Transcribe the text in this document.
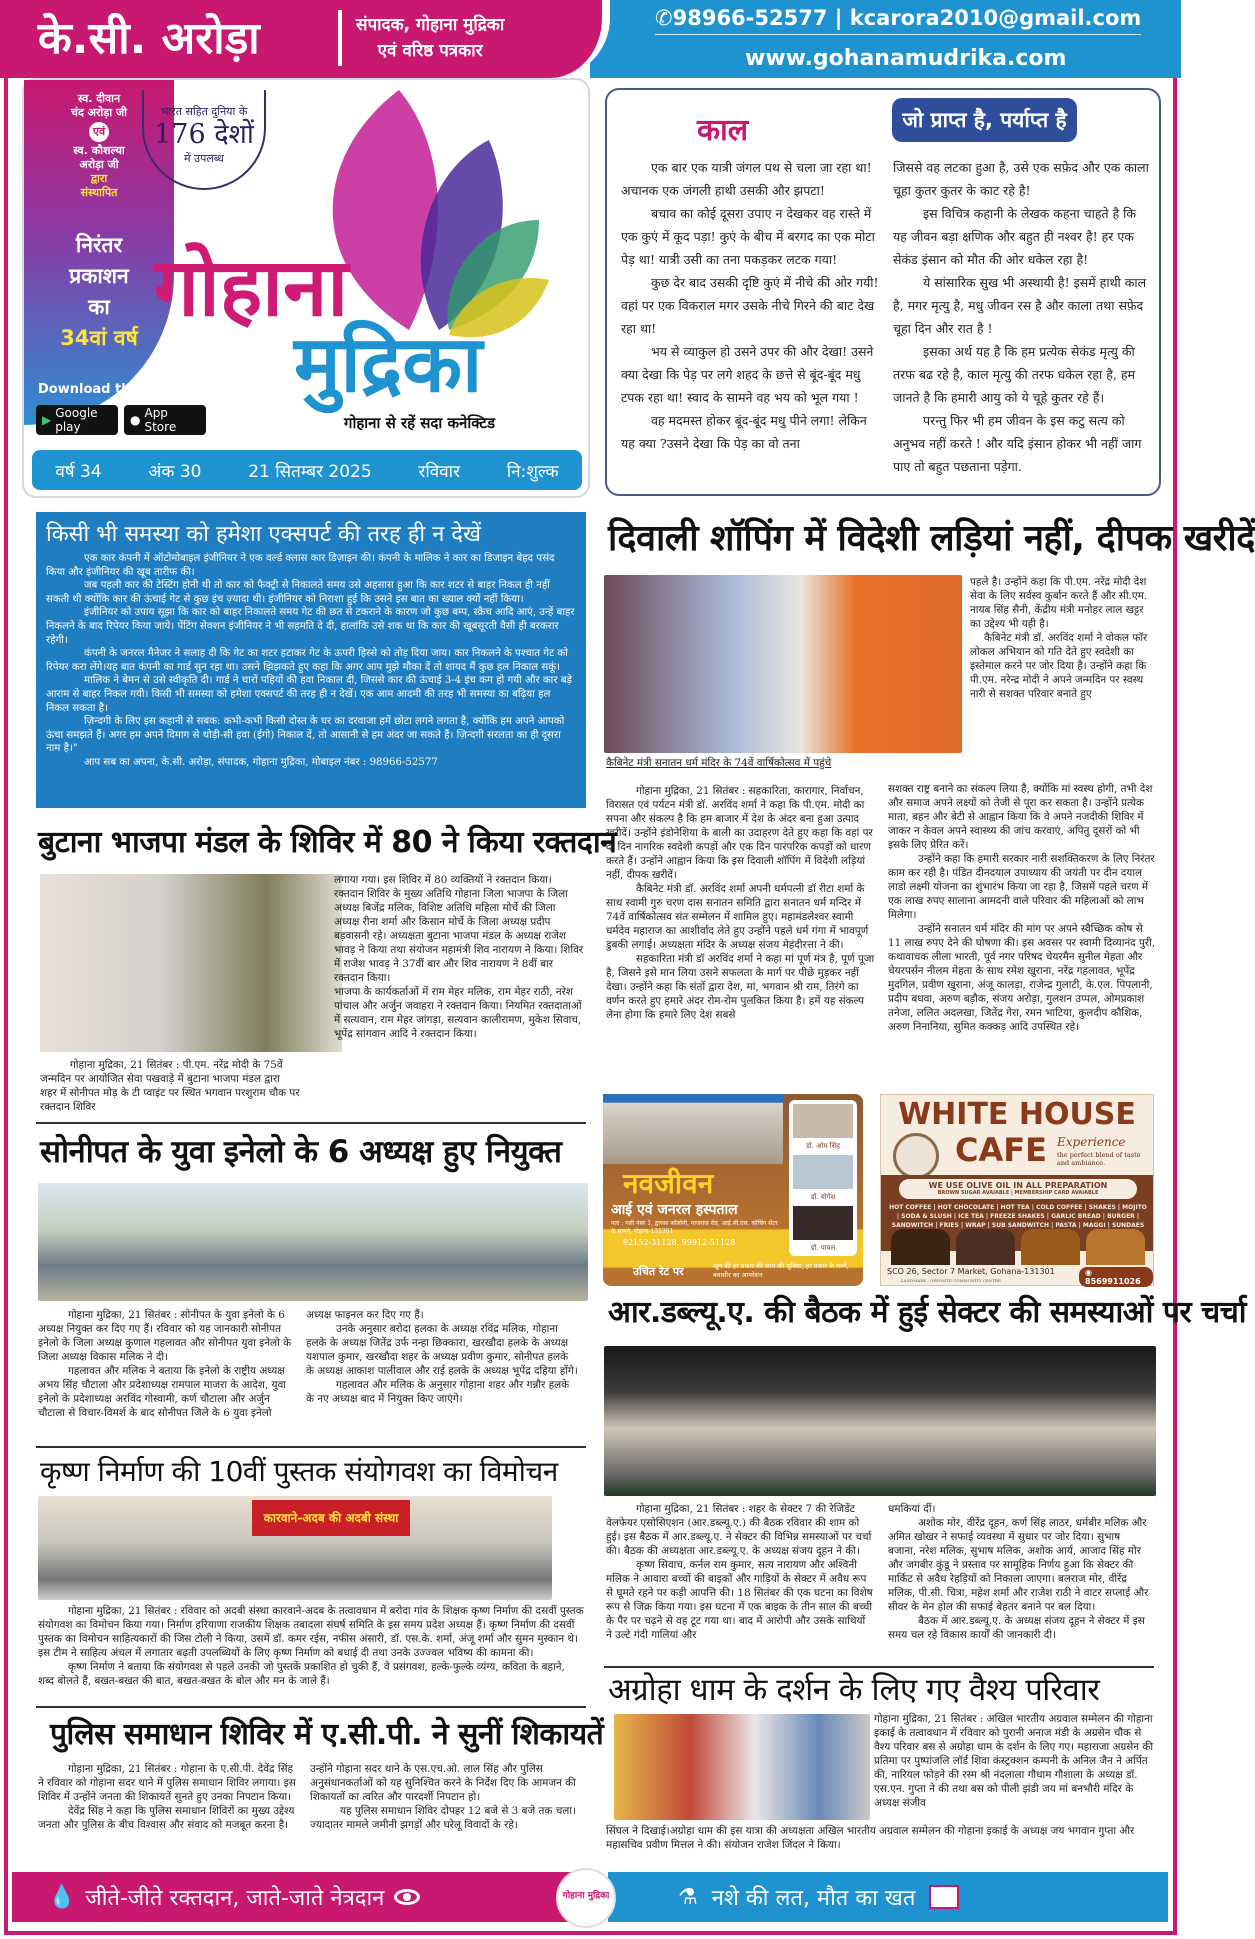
के.सी. अरोड़ा	संपादक, गोहाना मुद्रिका
एवं वरिष्ठ पत्रकार
✆98966-52577 | kcarora2010@gmail.com
www.gohanamudrika.com
स्व. दीवान
चंद अरोड़ा जी
एवं
स्व. कौशल्या
अरोड़ा जी
द्वारा
संस्थापित
निरंतर
प्रकाशन
का
34वां वर्ष
भारत सहित दुनिया के
176 देशों
में उपलब्ध
गोहाना
मुद्रिका
गोहाना से रहें सदा कनेक्टिड
Download the Free App
▶ Google play	● App Store
वर्ष 34	अंक 30	21 सितम्बर 2025	रविवार	नि:शुल्क
काल	जो प्राप्त है, पर्याप्त है

एक बार एक यात्री जंगल पथ से चला जा रहा था! अचानक एक जंगली हाथी उसकी और झपटा!

बचाव का कोई दूसरा उपाए न देखकर वह रास्ते में एक कुएं में कूद पड़ा! कुएं के बीच में बरगद का एक मोटा पेड़ था! यात्री उसी का तना पकड़कर लटक गया!

कुछ देर बाद उसकी दृष्टि कुएं में नीचे की ओर गयी! वहां पर एक विकराल मगर उसके नीचे गिरने की बाट देख रहा था!

भय से व्याकुल हो उसने उपर की और देखा! उसने क्या देखा कि पेड़ पर लगे शहद के छत्ते से बूंद-बूंद मधु टपक रहा था! स्वाद के सामने वह भय को भूल गया !

वह मदमस्त होकर बूंद-बूंद मधु पीने लगा! लेकिन यह क्या ?उसने देखा कि पेड़ का वो तना

जिससे वह लटका हुआ है, उसे एक सफ़ेद और एक काला चूहा कुतर कुतर के काट रहे है!

इस विचित्र कहानी के लेखक कहना चाहते है कि यह जीवन बड़ा क्षणिक और बहुत ही नश्वर है! हर एक सेकंड इंसान को मौत की ओर धकेल रहा है!

ये सांसारिक सुख भी अस्थायी है! इसमें हाथी काल है, मगर मृत्यु है, मधु जीवन रस है और काला तथा सफ़ेद चूहा दिन और रात है !

इसका अर्थ यह है कि हम प्रत्येक सेकंड मृत्यु की तरफ बढ रहे है, काल मृत्यु की तरफ धकेल रहा है, हम जानते है कि हमारी आयु को ये चूहे कुतर रहे हैं।

परन्तु फिर भी हम जीवन के इस कटु सत्य को अनुभव नहीं करते ! और यदि इंसान होकर भी नहीं जाग पाए तो बहुत पछताना पड़ेगा.

किसी भी समस्या को हमेशा एक्सपर्ट की तरह ही न देखें

एक कार कंपनी में ऑटोमोबाइल इंजीनियर ने एक वर्ल्ड क्लास कार डिज़ाइन की। कंपनी के मालिक ने कार का डिजाइन बेहद पसंद किया और इंजीनियर की खूब तारीफ की।

जब पहली कार की टेस्टिंग होनी थी तो कार को फैक्ट्री से निकालते समय उसे अहसास हुआ कि कार शटर से बाहर निकल ही नहीं सकती थी क्योंकि कार की ऊंचाई गेट से कुछ इंच ज़्यादा थी। इंजीनियर को निराशा हुई कि उसने इस बात का ख्याल क्यों नहीं किया।

इंजीनियर को उपाय सूझा कि कार को बाहर निकालते समय गेट की छत से टकराने के कारण जो कुछ बम्प, स्क्रैच आदि आएं, उन्हें बाहर निकलने के बाद रिपेयर किया जाये। पेंटिंग सेक्शन इंजीनियर ने भी सहमति दे दी, हालांकि उसे शक था कि कार की खूबसूरती वैसी ही बरकरार रहेगी।

कंपनी के जनरल मैनेजर ने सलाह दी कि गेट का शटर हटाकर गेट के ऊपरी हिस्से को तोड़ दिया जाय। कार निकलने के पश्चात गेट को रिपेयर करा लेंगे।यह बात कंपनी का गार्ड सुन रहा था। उसने झिझकते हुए कहा कि अगर आप मुझे मौका दें तो शायद मैं कुछ हल निकाल सकूं।

मालिक ने बेमन से उसे स्वीकृति दी। गार्ड ने चारों पहियों की हवा निकाल दी, जिससे कार की ऊंचाई 3-4 इंच कम हो गयी और कार बड़े आराम से बाहर निकल गयी। किसी भी समस्या को हमेशा एक्सपर्ट की तरह ही न देखें। एक आम आदमी की तरह भी समस्या का बढ़िया हल निकल सकता है।

ज़िन्दगी के लिए इस कहानी से सबक: कभी-कभी किसी दोस्त के घर का दरवाजा हमें छोटा लगने लगता है, क्योंकि हम अपने आपको ऊंचा समझते हैं। अगर हम अपने दिमाग से थोड़ी-सी हवा (ईगो) निकाल दें, तो आसानी से हम अंदर जा सकते हैं। ज़िन्दगी सरलता का ही दूसरा नाम है।"

आप सब का अपना, के.सी. अरोड़ा, संपादक, गोहाना मुद्रिका, मोबाइल नंबर : 98966-52577

दिवाली शॉपिंग में विदेशी लड़ियां नहीं, दीपक खरीदें
कैबिनेट मंत्री सनातन धर्म मंदिर के 74वें वार्षिकोत्सव में पहुंचे

पहले है। उन्होंने कहा कि पी.एम. नरेंद्र मोदी देश सेवा के लिए सर्वस्व कुर्बान करते हैं और सी.एम. नायब सिंह सैनी, केंद्रीय मंत्री मनोहर लाल खट्टर का उद्देश्य भी यही है।

कैबिनेट मंत्री डॉ. अरविंद शर्मा ने वोकल फॉर लोकल अभियान को गति देते हुए स्वदेशी का इस्तेमाल करने पर जोर दिया है। उन्होंने कहा कि पी.एम. नरेन्द्र मोदी ने अपने जन्मदिन पर स्वस्थ नारी से सशक्त परिवार बनाते हुए

गोहाना मुद्रिका, 21 सितंबर : सहकारिता, कारागार, निर्वाचन, विरासत एवं पर्यटन मंत्री डॉ. अरविंद शर्मा ने कहा कि पी.एम. मोदी का सपना और संकल्प है कि हम बाजार में देश के अंदर बना हुआ उत्पाद खरीदें। उन्होंने इंडोनेशिया के बाली का उदाहरण देते हुए कहा कि वहां पर दो दिन नागरिक स्वदेशी कपड़ों और एक दिन पारंपरिक कपड़ों को धारण करते हैं। उन्होंने आह्वान किया कि इस दिवाली शॉपिंग में विदेशी लड़ियां नहीं, दीपक खरीदें।

कैबिनेट मंत्री डॉ. अरविंद शर्मा अपनी धर्मपत्नी डॉ रीटा शर्मा के साथ स्वामी गुरु चरण दास सनातन समिति द्वारा सनातन धर्म मन्दिर में 74वें वार्षिकोत्सव संत सम्मेलन में शामिल हुए। महामंडलेश्वर स्वामी धर्मदेव महाराज का आशीर्वाद लेते हुए उन्होंने पहले धर्म गंगा में भावपूर्ण डुबकी लगाई। अध्यक्षता मंदिर के अध्यक्ष संजय मेहंदीरत्ता ने की।

सहकारिता मंत्री डॉ अरविंद शर्मा ने कहा मां पूर्ण मंत्र है, पूर्ण पूजा है, जिसने इसे मान लिया उसने सफलता के मार्ग पर पीछे मुड़कर नहीं देखा। उन्होंने कहा कि संतों द्वारा देश, मां, भगवान श्री राम, तिरंगे का वर्णन करते हुए हमारे अंदर रोम-रोम पुलकित किया है। हमें यह संकल्प लेना होगा कि हमारे लिए देश सबसे

सशक्त राष्ट्र बनाने का संकल्प लिया है, क्योंकि मां स्वस्थ होगी, तभी देश और समाज अपने लक्ष्यों को तेजी से पूरा कर सकता है। उन्होंने प्रत्येक माता, बहन और बेटी से आह्वान किया कि वे अपने नजदीकी शिविर में जाकर न केवल अपने स्वास्थ्य की जांच करवाएं, अपितु दूसरों को भी इसके लिए प्रेरित करें।

उन्होंने कहा कि हमारी सरकार नारी सशक्तिकरण के लिए निरंतर काम कर रही है। पंडित दीनदयाल उपाध्याय की जयंती पर दीन दयाल लाडो लक्ष्मी योजना का शुभारंभ किया जा रहा है, जिसमें पहले चरण में एक लाख रुपए सालाना आमदनी वाले परिवार की महिलाओं को लाभ मिलेगा।

उन्होंने सनातन धर्म मंदिर की मांग पर अपने स्वैच्छिक कोष से 11 लाख रुपए देने की घोषणा की। इस अवसर पर स्वामी दिव्यानंद पुरी, कथावाचक लीला भारती, पूर्व नगर परिषद चेयरमैन सुनील मेहता और चेयरपर्सन नीलम मेहता के साथ रमेश खुराना, नरेंद्र गहलावत, भूपेंद्र मुदगिल, प्रवीण खुराना, अंजू कालड़ा, राजेन्द्र गुलाटी, के.एल. पिपलानी, प्रदीप बधवा, अरुण बड़ौक, संजय अरोड़ा, गुलशन उप्पल, ओमप्रकाश तनेजा, ललित अदलखा, जितेंद्र गेरा, रमन भाटिया, कुलदीप कौशिक, अरुण निनानिया, सुमित कक्कड़ आदि उपस्थित रहे।

बुटाना भाजपा मंडल के शिविर में 80 ने किया रक्तदान

गोहाना मुद्रिका, 21 सितंबर : पी.एम. नरेंद्र मोदी के 75वें जन्मदिन पर आयोजित सेवा पखवाड़े में बुटाना भाजपा मंडल द्वारा शहर में सोनीपत मोड़ के टी प्वाइंट पर स्थित भगवान परशुराम चौक पर रक्तदान शिविर

लगाया गया। इस शिविर में 80 व्यक्तियों ने रक्तदान किया।

रक्तदान शिविर के मुख्य अतिथि गोहाना जिला भाजपा के जिला अध्यक्ष बिजेंद्र मलिक, विशिष्ट अतिथि महिला मोर्चे की जिला अध्यक्ष रीना शर्मा और किसान मोर्चे के जिला अध्यक्ष प्रदीप बड़वासनी रहे। अध्यक्षता बुटाना भाजपा मंडल के अध्यक्ष राजेश भावड़ ने किया तथा संयोजन महामंत्री शिव नारायण ने किया। शिविर में राजेश भावड़ ने 37वीं बार और शिव नारायण ने 8वीं बार रक्तदान किया।

भाजपा के कार्यकर्ताओं में राम मेहर मलिक, राम मेहर राठी, नरेश पांचाल और अर्जुन जवाहरा ने रक्तदान किया। नियमित रक्तदाताओं में सत्यवान, राम मेहर जांगड़ा, सत्यवान कालीरामण, मुकेश सिवाच, भूपेंद्र सांगवान आदि ने रक्तदान किया।

सोनीपत के युवा इनेलो के 6 अध्यक्ष हुए नियुक्त

गोहाना मुद्रिका, 21 सितंबर : सोनीपत के युवा इनेलो के 6 अध्यक्ष नियुक्त कर दिए गए हैं। रविवार को यह जानकारी सोनीपत इनेलो के जिला अध्यक्ष कुणाल गहलावत और सोनीपत युवा इनेलो के जिला अध्यक्ष विकास मलिक ने दी।

गहलावत और मलिक ने बताया कि इनेलो के राष्ट्रीय अध्यक्ष अभय सिंह चौटाला और प्रदेशाध्यक्ष रामपाल माजरा के आदेश, युवा इनेलो के प्रदेशाध्यक्ष अरविंद गोस्वामी, कर्ण चौटाला और अर्जुन चौटाला से विचार-विमर्श के बाद सोनीपत जिले के 6 युवा इनेलो

अध्यक्ष फाइनल कर दिए गए हैं।

उनके अनुसार बरोदा हलका के अध्यक्ष रविंद्र मलिक, गोहाना हलके के अध्यक्ष जितेंद्र उर्फ नन्हा छिक्कारा, खरखौदा हलके के अध्यक्ष यशपाल कुमार, खरखौदा शहर के अध्यक्ष प्रवीण कुमार, सोनीपत हलके के अध्यक्ष आकाश पालीवाल और राई हलके के अध्यक्ष भूपेंद्र दहिया होंगे।

गहलावत और मलिक के अनुसार गोहाना शहर और गन्नौर हलके के नए अध्यक्ष बाद में नियुक्त किए जाएंगे।

कृष्ण निर्माण की 10वीं पुस्तक संयोगवश का विमोचन
कारवाने-अदब की अदबी संस्था

गोहाना मुद्रिका, 21 सितंबर : रविवार को अदबी संस्था कारवाने-अदब के तत्वावधान में बरोदा गांव के शिक्षक कृष्ण निर्माण की दसवीं पुस्तक संयोगवश का विमोचन किया गया। निर्माण हरियाणा राजकीय शिक्षक तबादला संघर्ष समिति के इस समय प्रदेश अध्यक्ष हैं। कृष्ण निर्माण की दसवीं पुस्तक का विमोचन साहित्यकारों की जिस टोली ने किया, उसमें डॉ. कमर रईस, नफीस अंसारी, डॉ. एस.के. शर्मा, अंजू शर्मा और सुमन मुस्कान थे। इस टीम ने साहित्य अंचल में लगातार बढ़ती उपलब्धियों के लिए कृष्ण निर्माण को बधाई दी तथा उनके उज्ज्वल भविष्य की कामना की।

कृष्ण निर्माण ने बताया कि संयोगवश से पहले उनकी जो पुस्तकें प्रकाशित हो चुकी हैं, वे प्रसंगवश, हल्के-फुल्के व्यंग्य, कविता के बहाने, शब्द बोलते हैं, बखत-बखत की बात, बखत-बखत के बोल और मन के जाले हैं।

पुलिस समाधान शिविर में ए.सी.पी. ने सुनीं शिकायतें

गोहाना मुद्रिका, 21 सितंबर : गोहाना के ए.सी.पी. देवेंद्र सिंह ने रविवार को गोहाना सदर थाने में पुलिस समाधान शिविर लगाया। इस शिविर में उन्होंने जनता की शिकायतें सुनते हुए उनका निपटान किया।

देवेंद्र सिंह ने कहा कि पुलिस समाधान शिविरों का मुख्य उद्देश्य जनता और पुलिस के बीच विश्वास और संवाद को मजबूत करना है।

उन्होंने गोहाना सदर थाने के एस.एच.ओ. लाल सिंह और पुलिस अनुसंधानकर्ताओं को यह सुनिश्चित करने के निर्देश दिए कि आमजन की शिकायतों का त्वरित और पारदर्शी निपटान हो।

यह पुलिस समाधान शिविर दोपहर 12 बजे से 3 बजे तक चला। ज्यादातर मामले जमीनी झगड़ों और घरेलू विवादों के रहे।

नवजीवन
आई एवं जनरल हस्पताल
पता : गली नंबर 1, द्वारका कॉलोनी, गाजराज रोड, आई.सी.एस. कोचिंग सेंटर के सामने, गोहाना-131301
92152-31128, 99912-51128
डॉ. ओम सिंह
डॉ. योगेश
डॉ. पायल
उचित रेट पर	खून की हर प्रकार की जांच की सुविधा, हर प्रकार के चश्मे, बवासीर का आपरेशन
WHITE HOUSE
CAFE Experience
the perfect blend of taste and ambiance.
WE USE OLIVE OIL IN ALL PREPARATION
BROWN SUGAR AVAIABLE | MEMBERSHIP CARD AVAIABLE
HOT COFFEE | HOT CHOCOLATE | HOT TEA | COLD COFFEE | SHAKES | MOJITO | SODA & SLUSH | ICE TEA | FREEZE SHAKES | GARLIC BREAD | BURGER | SANDWITCH | FRIES | WRAP | SUB SANDWITCH | PASTA | MAGGI | SUNDAES
SCO 26, Sector 7 Market, Gohana-131301
LANDMARK : OPPOSITE COMMUNITY CENTRE
◉ 8569911026
आर.डब्ल्यू.ए. की बैठक में हुई सेक्टर की समस्याओं पर चर्चा

गोहाना मुद्रिका, 21 सितंबर : शहर के सेक्टर 7 की रेजिडेंट वेलफेयर एसोसिएशन (आर.डब्ल्यू.ए.) की बैठक रविवार की शाम को हुई। इस बैठक में आर.डब्ल्यू.ए. ने सेक्टर की विभिन्न समस्याओं पर चर्चा की। बैठक की अध्यक्षता आर.डब्ल्यू.ए. के अध्यक्ष संजय दूहन ने की।

कृष्ण सिवाच, कर्नल राम कुमार, सत्य नारायण और अश्विनी मलिक ने आवारा बच्चों की बाइकों और गाड़ियों के सेक्टर में अवैध रूप से घूमते रहने पर कड़ी आपत्ति की। 18 सितंबर की एक घटना का विशेष रूप से जिक्र किया गया। इस घटना में एक बाइक के तीन साल की बच्ची के पैर पर चढ़ने से वह टूट गया था। बाद में आरोपी और उसके साथियों ने उल्टे गंदी गालियां और

धमकियां दीं।

अशोक मोर, वीरेंद्र दूहन, कर्ण सिंह लाठर, धर्मबीर मलिक और अमित खोखर ने सफाई व्यवस्था में सुधार पर जोर दिया। सुभाष बजाना, नरेश मलिक, सुभाष मलिक, अशोक आर्य, आजाद सिंह मोर और जगबीर कुंडू ने प्रस्ताव पर सामूहिक निर्णय हुआ कि सेक्टर की मार्किट से अवैध रेहड़ियों को निकाला जाएगा। बलराज मोर, वीरेंद्र मलिक, पी.सी. चित्रा, महेश शर्मा और राजेश राठी ने वाटर सप्लाई और सीवर के मेन होल की सफाई बेहतर बनाने पर बल दिया।

बैठक में आर.डब्ल्यू.ए. के अध्यक्ष संजय दूहन ने सेक्टर में इस समय चल रहे विकास कार्यों की जानकारी दी।

अग्रोहा धाम के दर्शन के लिए गए वैश्य परिवार

गोहाना मुद्रिका, 21 सितंबर : अखिल भारतीय अग्रवाल सम्मेलन की गोहाना इकाई के तत्वावधान में रविवार को पुरानी अनाज मंडी के अग्रसेन चौक से वैश्य परिवार बस से अग्रोहा धाम के दर्शन के लिए गए। महाराजा अग्रसेन की प्रतिमा पर पुष्पांजलि लॉर्ड शिवा कंस्ट्रक्शन कम्पनी के अनिल जैन ने अर्पित की, नारियल फोड़ने की रस्म श्री नंदलाला गौधाम गौशाला के अध्यक्ष डॉ. एस.एन. गुप्ता ने की तथा बस को पीली झंडी जय मां बनभौरी मंदिर के अध्यक्ष संजीव

सिंघल ने दिखाई।अग्रोहा धाम की इस यात्रा की अध्यक्षता अखिल भारतीय अग्रवाल सम्मेलन की गोहाना इकाई के अध्यक्ष जय भगवान गुप्ता और महासचिव प्रवीण मित्तल ने की। संयोजन राजेश जिंदल ने किया।

💧 जीते-जीते रक्तदान, जाते-जाते नेत्रदान	⚗ नशे की लत, मौत का खत
गोहाना मुद्रिका
